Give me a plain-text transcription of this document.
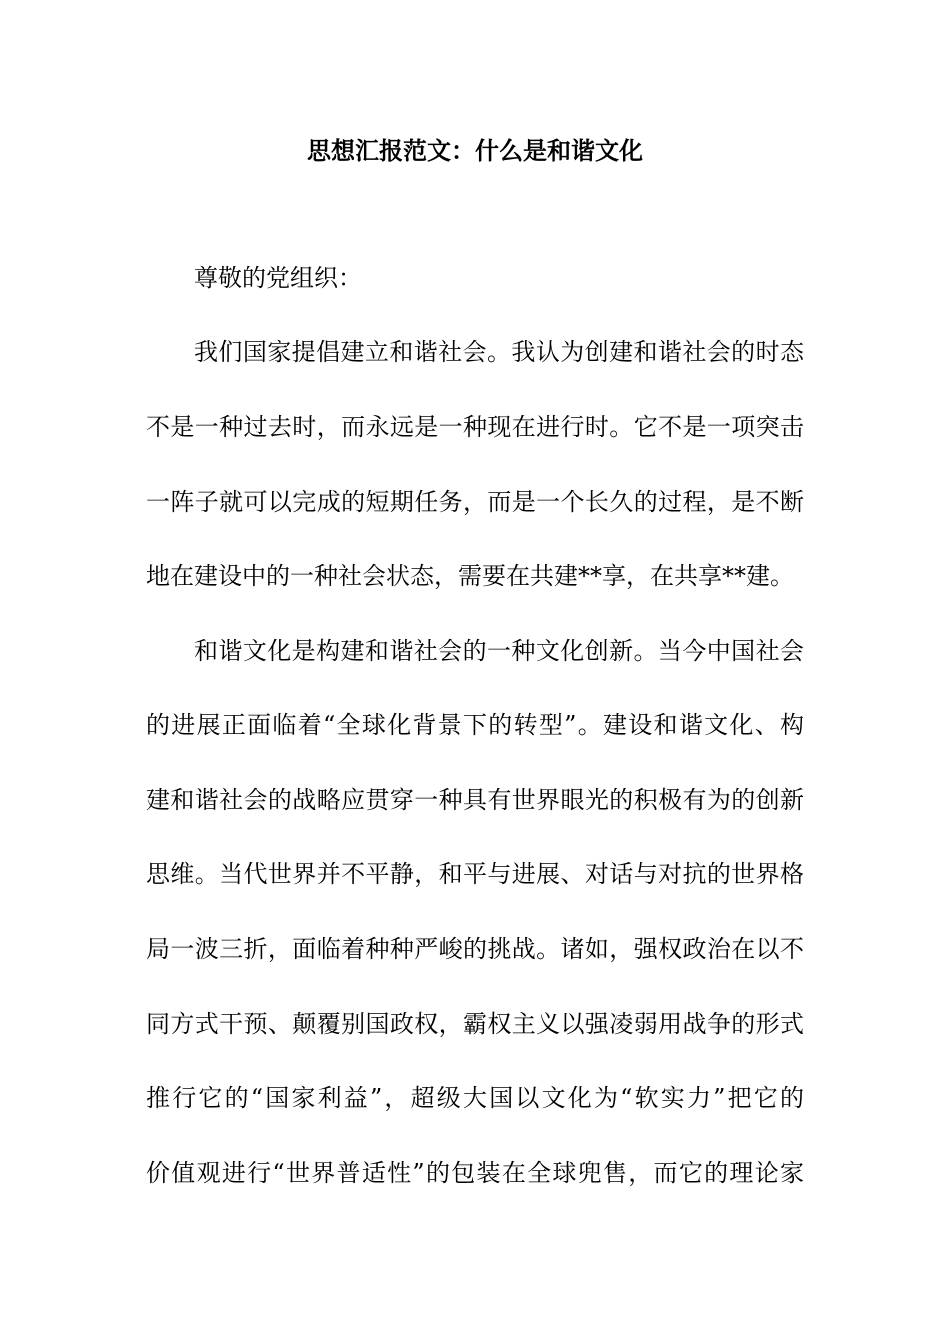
思想汇报范文：什么是和谐文化

尊敬的党组织：

我们国家提倡建立和谐社会。我认为创建和谐社会的时态

不是一种过去时，而永远是一种现在进行时。它不是一项突击

一阵子就可以完成的短期任务，而是一个长久的过程，是不断

地在建设中的一种社会状态，需要在共建**享，在共享**建。

和谐文化是构建和谐社会的一种文化创新。当今中国社会

的进展正面临着“全球化背景下的转型”。建设和谐文化、构

建和谐社会的战略应贯穿一种具有世界眼光的积极有为的创新

思维。当代世界并不平静，和平与进展、对话与对抗的世界格

局一波三折，面临着种种严峻的挑战。诸如，强权政治在以不

同方式干预、颠覆别国政权，霸权主义以强凌弱用战争的形式

推行它的“国家利益”，超级大国以文化为“软实力”把它的

价值观进行“世界普适性”的包装在全球兜售，而它的理论家
